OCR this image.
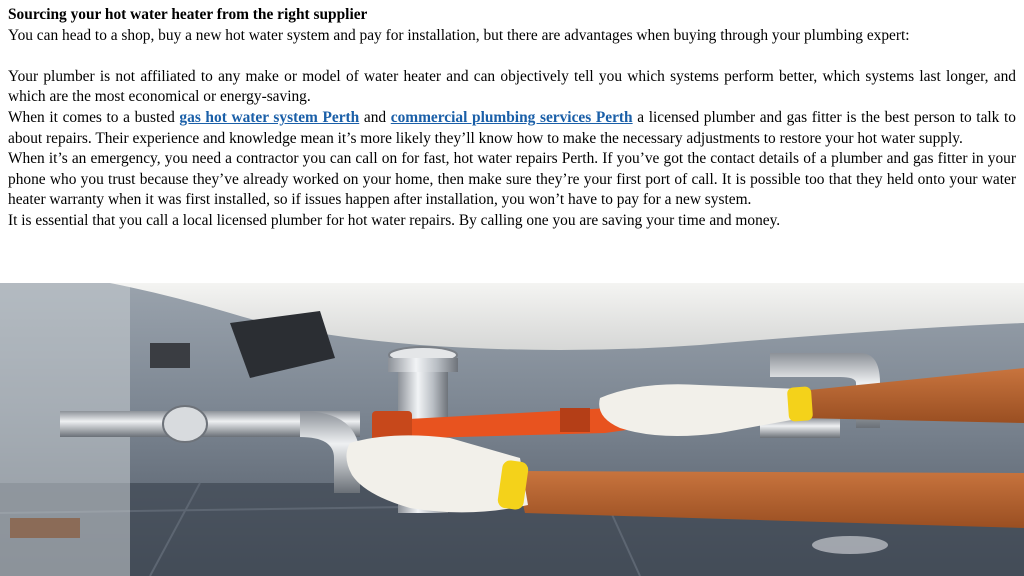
Sourcing your hot water heater from the right supplier

You can head to a shop, buy a new hot water system and pay for installation, but there are advantages when buying through your plumbing expert:

Your plumber is not affiliated to any make or model of water heater and can objectively tell you which systems perform better, which systems last longer, and which are the most economical or energy-saving.

When it comes to a busted gas hot water system Perth and commercial plumbing services Perth a licensed plumber and gas fitter is the best person to talk to about repairs. Their experience and knowledge mean it’s more likely they’ll know how to make the necessary adjustments to restore your hot water supply.

When it’s an emergency, you need a contractor you can call on for fast, hot water repairs Perth. If you’ve got the contact details of a plumber and gas fitter in your phone who you trust because they’ve already worked on your home, then make sure they’re your first port of call. It is possible too that they held onto your water heater warranty when it was first installed, so if issues happen after installation, you won’t have to pay for a new system.

It is essential that you call a local licensed plumber for hot water repairs. By calling one you are saving your time and money.
